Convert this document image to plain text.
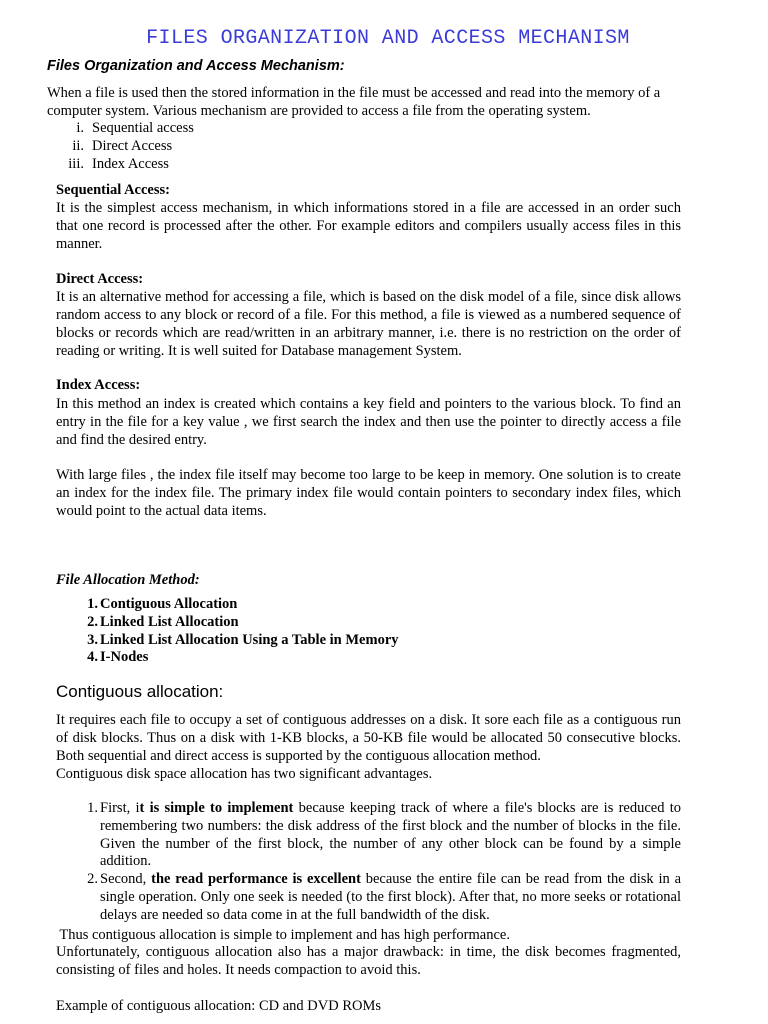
FILES ORGANIZATION AND ACCESS MECHANISM
Files Organization and Access Mechanism:
When a file is used then the stored information in the file must be accessed and read into the memory of a computer system. Various mechanism are provided to access a file from the operating system.
i. Sequential access
ii. Direct Access
iii. Index Access
Sequential Access:
It is the simplest access mechanism, in which informations stored in a file are accessed in an order such that one record is processed after the other. For example editors and compilers usually access files in this manner.
Direct Access:
It is an alternative method for accessing a file, which is based on the disk model of a file, since disk allows random access to any block or record of a file. For this method, a file is viewed as a numbered sequence of blocks or records which are read/written in an arbitrary manner, i.e. there is no restriction on the order of reading or writing. It is well suited for Database management System.
Index Access:
In this method an index is created which contains a key field and pointers to the various block. To find an entry in the file for a key value , we first search the index and then use the pointer to directly access a file and find the desired entry.
With large files , the index file itself may become too large to be keep in memory. One solution is to create an index for the index file. The primary index file would contain pointers to secondary index files, which would point to the actual data items.
File Allocation Method:
1. Contiguous Allocation
2. Linked List Allocation
3. Linked List Allocation Using a Table in Memory
4. I-Nodes
Contiguous allocation:
It requires each file to occupy a set of contiguous addresses on a disk. It sore each file as a contiguous run of disk blocks. Thus on a disk with 1-KB blocks, a 50-KB file would be allocated 50 consecutive blocks. Both sequential and direct access is supported by the contiguous allocation method.
Contiguous disk space allocation has two significant advantages.
1. First, it is simple to implement because keeping track of where a file's blocks are is reduced to remembering two numbers: the disk address of the first block and the number of blocks in the file. Given the number of the first block, the number of any other block can be found by a simple addition.
2. Second, the read performance is excellent because the entire file can be read from the disk in a single operation. Only one seek is needed (to the first block). After that, no more seeks or rotational delays are needed so data come in at the full bandwidth of the disk.
Thus contiguous allocation is simple to implement and has high performance.
Unfortunately, contiguous allocation also has a major drawback: in time, the disk becomes fragmented, consisting of files and holes. It needs compaction to avoid this.
Example of contiguous allocation: CD and DVD ROMs
